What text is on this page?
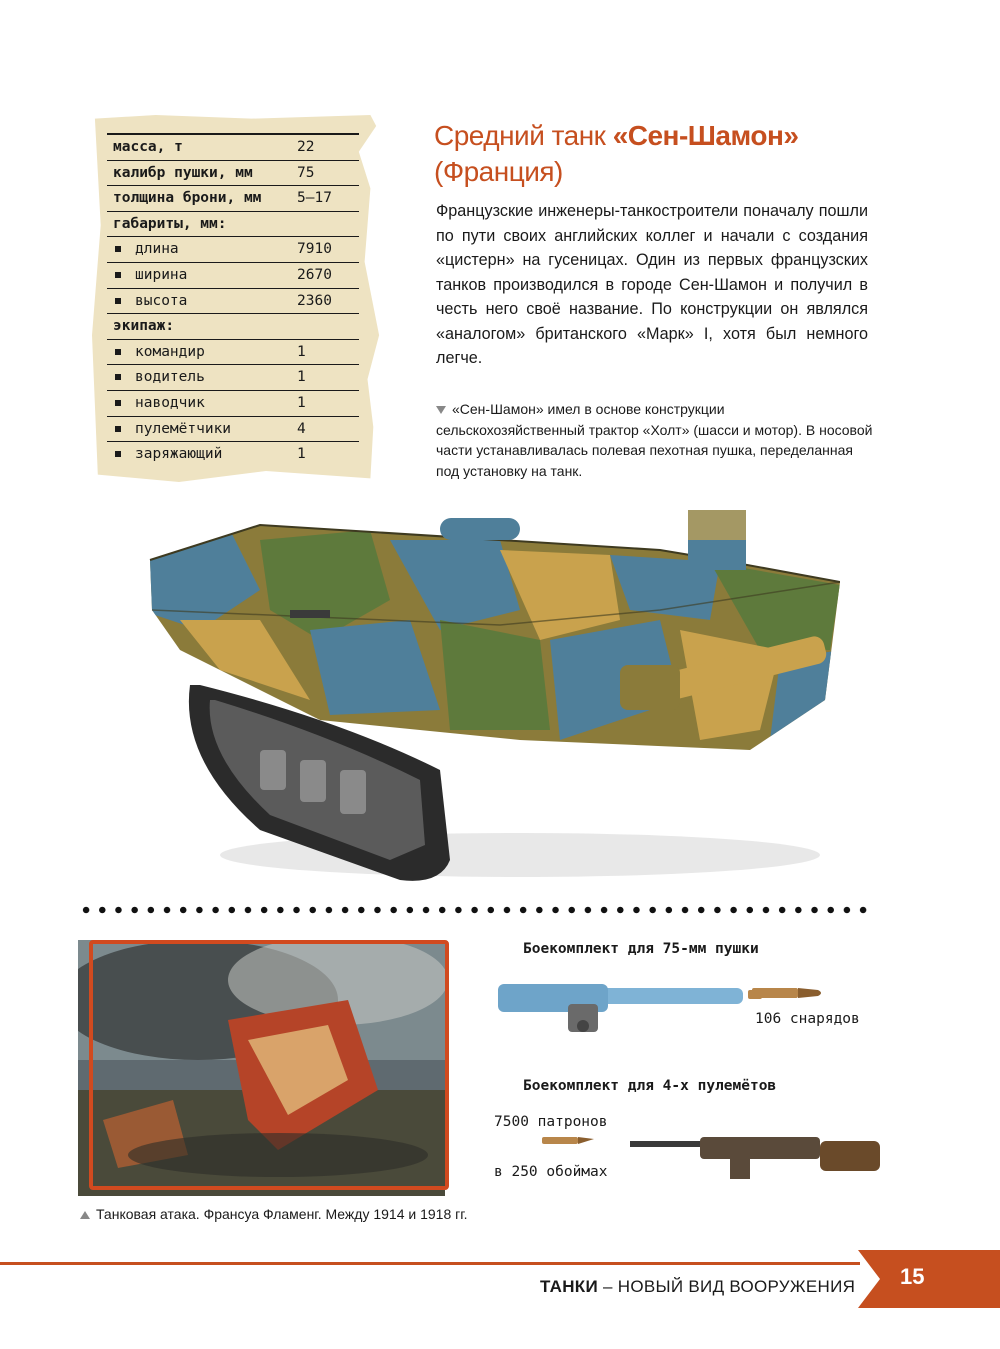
масса, т	22
калибр пушки, мм	75
толщина брони, мм 5–17
габариты, мм:
длина	7910
ширина	2670
высота	2360
экипаж:
командир	1
водитель	1
наводчик	1
пулемётчики	4
заряжающий	1
Средний танк «Сен-Шамон»
(Франция)
Французские инженеры-танкостроители поначалу пошли по пути своих английских коллег и начали с создания «цистерн» на гусеницах. Один из первых французских танков производился в городе Сен-Шамон и получил в честь него своё название. По конструкции он являлся «аналогом» британского «Марк» I, хотя был немного легче.
«Сен-Шамон» имел в основе конструкции сельскохозяйственный трактор «Холт» (шасси и мотор). В носовой части устанавливалась полевая пехотная пушка, переделанная под установку на танк.
Танковая атака. Франсуа Фламенг. Между 1914 и 1918 гг.
Боекомплект для 75-мм пушки
106 снарядов
Боекомплект для 4-х пулемётов
7500 патронов
в 250 обоймах
ТАНКИ – НОВЫЙ ВИД ВООРУЖЕНИЯ 15
